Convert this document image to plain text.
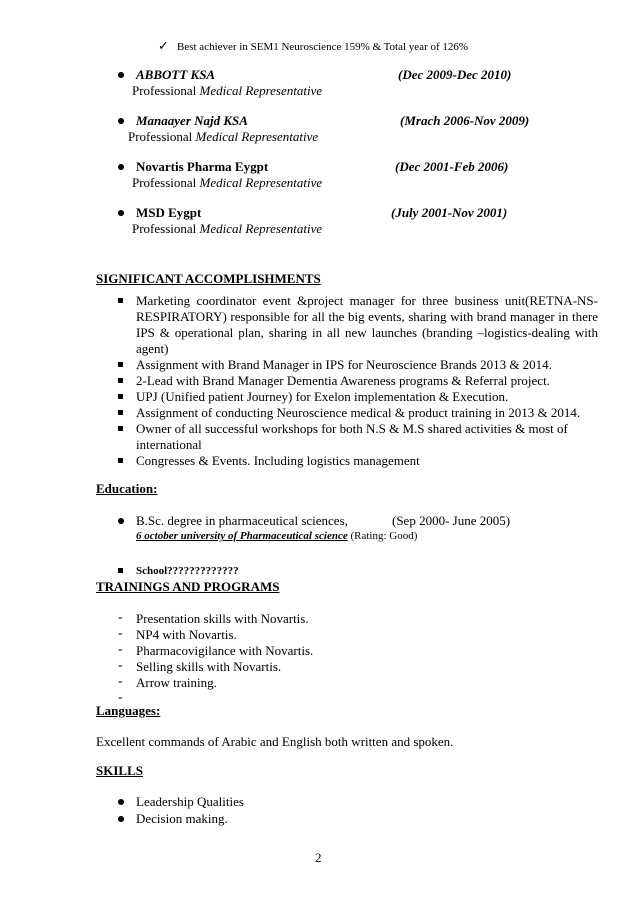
✓ Best achiever in SEM1 Neuroscience 159% & Total year of 126%
ABBOTT KSA	(Dec 2009-Dec 2010)
Professional Medical Representative
Manaayer Najd KSA	(Mrach 2006-Nov 2009)
Professional Medical Representative
Novartis Pharma Eygpt	(Dec 2001-Feb 2006)
Professional Medical Representative
MSD Eygpt	(July 2001-Nov 2001)
Professional Medical Representative
SIGNIFICANT ACCOMPLISHMENTS
Marketing coordinator event &project manager for three business unit(RETNA-NS-RESPIRATORY) responsible for all the big events, sharing with brand manager in there IPS & operational plan, sharing in all new launches (branding –logistics-dealing with agent)
Assignment with Brand Manager in IPS for Neuroscience Brands 2013 & 2014.
2-Lead with Brand Manager Dementia Awareness programs & Referral project.
UPJ (Unified patient Journey) for Exelon implementation & Execution.
Assignment of conducting Neuroscience medical & product training in 2013 & 2014.
Owner of all successful workshops for both N.S & M.S shared activities & most of international
Congresses & Events. Including logistics management
Education:
B.Sc. degree in pharmaceutical sciences,	(Sep 2000- June 2005)
6 october university of Pharmaceutical science (Rating: Good)
School?????????????
TRAININGS AND PROGRAMS
- Presentation skills with Novartis.
- NP4 with Novartis.
- Pharmacovigilance with Novartis.
- Selling skills with Novartis.
- Arrow training.
-
Languages:
Excellent commands of Arabic and English both written and spoken.
SKILLS
Leadership Qualities
Decision making.
2
